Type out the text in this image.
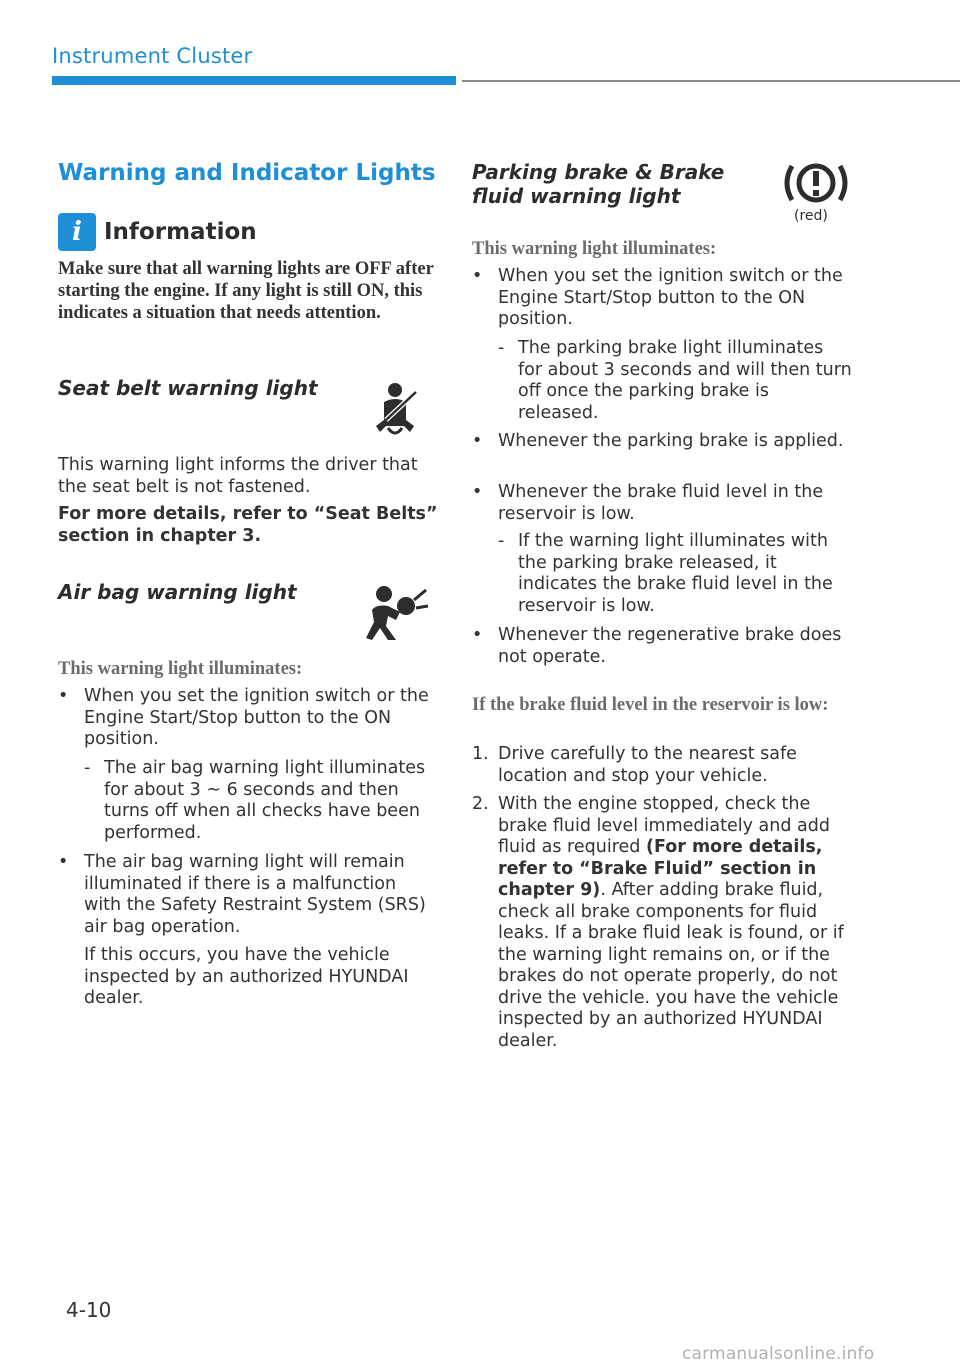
Instrument Cluster
Warning and Indicator Lights
i Information
Make sure that all warning lights are OFF after starting the engine. If any light is still ON, this indicates a situation that needs attention.
Seat belt warning light
This warning light informs the driver that the seat belt is not fastened.
For more details, refer to “Seat Belts” section in chapter 3.
Air bag warning light
This warning light illuminates:
• When you set the ignition switch or the Engine Start/Stop button to the ON position.
- The air bag warning light illuminates for about 3 ~ 6 seconds and then turns off when all checks have been performed.
• The air bag warning light will remain illuminated if there is a malfunction with the Safety Restraint System (SRS) air bag operation.
If this occurs, you have the vehicle inspected by an authorized HYUNDAI dealer.
Parking brake & Brake fluid warning light
(red)
This warning light illuminates:
• When you set the ignition switch or the Engine Start/Stop button to the ON position.
- The parking brake light illuminates for about 3 seconds and will then turn off once the parking brake is released.
• Whenever the parking brake is applied.
• Whenever the brake fluid level in the reservoir is low.
- If the warning light illuminates with the parking brake released, it indicates the brake fluid level in the reservoir is low.
• Whenever the regenerative brake does not operate.
If the brake fluid level in the reservoir is low:
1. Drive carefully to the nearest safe location and stop your vehicle.
2. With the engine stopped, check the brake fluid level immediately and add fluid as required (For more details, refer to “Brake Fluid” section in chapter 9). After adding brake fluid, check all brake components for fluid leaks. If a brake fluid leak is found, or if the warning light remains on, or if the brakes do not operate properly, do not drive the vehicle. you have the vehicle inspected by an authorized HYUNDAI dealer.
4-10
carmanualsonline.info
